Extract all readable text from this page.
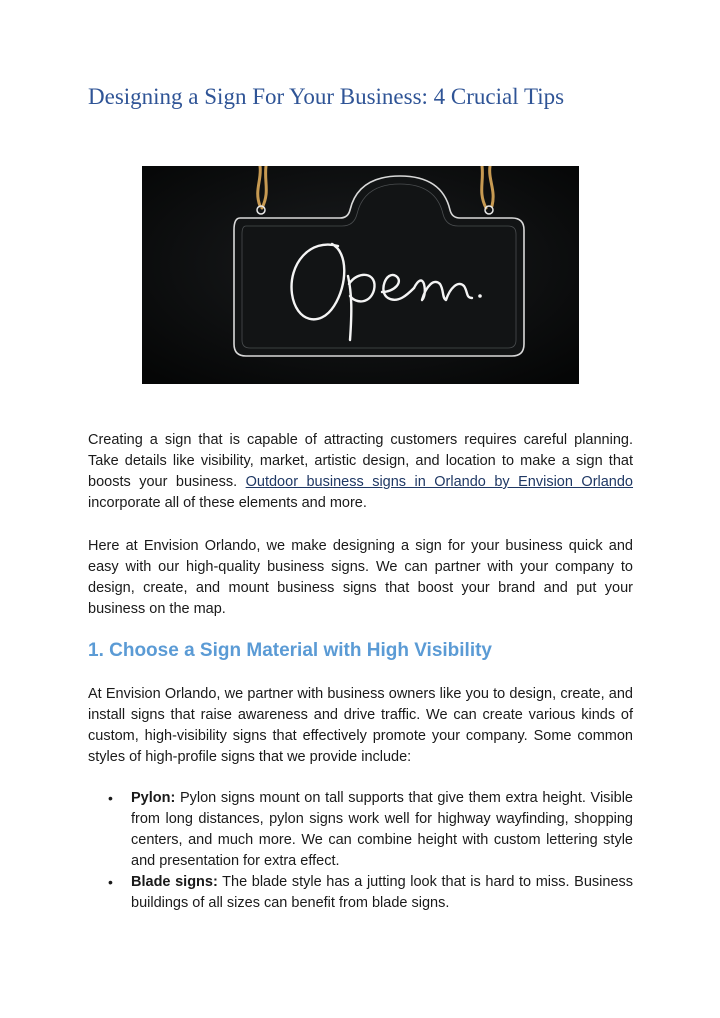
Designing a Sign For Your Business: 4 Crucial Tips

Creating a sign that is capable of attracting customers requires careful planning. Take details like visibility, market, artistic design, and location to make a sign that boosts your business. Outdoor business signs in Orlando by Envision Orlando incorporate all of these elements and more.

Here at Envision Orlando, we make designing a sign for your business quick and easy with our high-quality business signs. We can partner with your company to design, create, and mount business signs that boost your brand and put your business on the map.

1. Choose a Sign Material with High Visibility

At Envision Orlando, we partner with business owners like you to design, create, and install signs that raise awareness and drive traffic. We can create various kinds of custom, high-visibility signs that effectively promote your company. Some common styles of high-profile signs that we provide include:

• Pylon: Pylon signs mount on tall supports that give them extra height. Visible from long distances, pylon signs work well for highway wayfinding, shopping centers, and much more. We can combine height with custom lettering style and presentation for extra effect.
• Blade signs: The blade style has a jutting look that is hard to miss. Business buildings of all sizes can benefit from blade signs.
